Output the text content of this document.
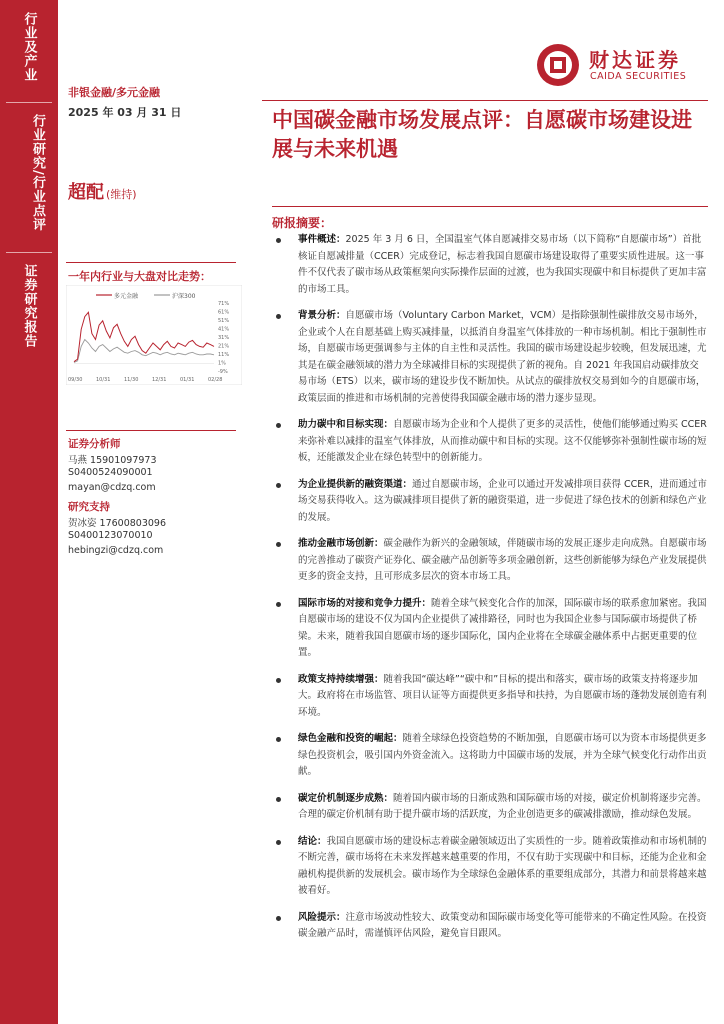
行业及产业
行业研究/行业点评
证券研究报告
财达证券
CAIDA SECURITIES
非银金融/多元金融
2025 年 03 月 31 日	中国碳金融市场发展点评：自愿碳市场建设进展与未来机遇
超配 (维持)
研报摘要：
一年内行业与大盘对比走势：
多元金融	沪深300
71%
61%
51%
41%
31%
21%
11%
1%
-9%
09/30	10/31	11/30	12/31	01/31	02/28
证券分析师
马燕 15901097973
S0400524090001
mayan@cdzq.com
研究支持
贺冰姿 17600803096
S0400123070010
hebingzi@cdzq.com
事件概述：2025 年 3 月 6 日，全国温室气体自愿减排交易市场（以下简称“自愿碳市场”）首批核证自愿减排量（CCER）完成登记，标志着我国自愿碳市场建设取得了重要实质性进展。这一事件不仅代表了碳市场从政策框架向实际操作层面的过渡，也为我国实现碳中和目标提供了更加丰富的市场工具。
背景分析：自愿碳市场（Voluntary Carbon Market，VCM）是指除强制性碳排放交易市场外，企业或个人在自愿基础上购买减排量，以抵消自身温室气体排放的一种市场机制。相比于强制性市场，自愿碳市场更强调参与主体的自主性和灵活性。我国的碳市场建设起步较晚，但发展迅速，尤其是在碳金融领域的潜力为全球减排目标的实现提供了新的视角。自 2021 年我国启动碳排放交易市场（ETS）以来，碳市场的建设步伐不断加快。从试点的碳排放权交易到如今的自愿碳市场，政策层面的推进和市场机制的完善使得我国碳金融市场的潜力逐步显现。
助力碳中和目标实现：自愿碳市场为企业和个人提供了更多的灵活性，使他们能够通过购买 CCER 来弥补难以减排的温室气体排放，从而推动碳中和目标的实现。这不仅能够弥补强制性碳市场的短板，还能激发企业在绿色转型中的创新能力。
为企业提供新的融资渠道：通过自愿碳市场，企业可以通过开发减排项目获得 CCER，进而通过市场交易获得收入。这为碳减排项目提供了新的融资渠道，进一步促进了绿色技术的创新和绿色产业的发展。
推动金融市场创新：碳金融作为新兴的金融领域，伴随碳市场的发展正逐步走向成熟。自愿碳市场的完善推动了碳资产证券化、碳金融产品创新等多项金融创新，这些创新能够为绿色产业发展提供更多的资金支持，且可形成多层次的资本市场工具。
国际市场的对接和竞争力提升：随着全球气候变化合作的加深，国际碳市场的联系愈加紧密。我国自愿碳市场的建设不仅为国内企业提供了减排路径，同时也为我国企业参与国际碳市场提供了桥梁。未来，随着我国自愿碳市场的逐步国际化，国内企业将在全球碳金融体系中占据更重要的位置。
政策支持持续增强：随着我国“碳达峰”“碳中和”目标的提出和落实，碳市场的政策支持将逐步加大。政府将在市场监管、项目认证等方面提供更多指导和扶持，为自愿碳市场的蓬勃发展创造有利环境。
绿色金融和投资的崛起：随着全球绿色投资趋势的不断加强，自愿碳市场可以为资本市场提供更多绿色投资机会，吸引国内外资金流入。这将助力中国碳市场的发展，并为全球气候变化行动作出贡献。
碳定价机制逐步成熟：随着国内碳市场的日渐成熟和国际碳市场的对接，碳定价机制将逐步完善。合理的碳定价机制有助于提升碳市场的活跃度，为企业创造更多的碳减排激励，推动绿色发展。
结论：我国自愿碳市场的建设标志着碳金融领域迈出了实质性的一步。随着政策推动和市场机制的不断完善，碳市场将在未来发挥越来越重要的作用，不仅有助于实现碳中和目标，还能为企业和金融机构提供新的发展机会。碳市场作为全球绿色金融体系的重要组成部分，其潜力和前景将越来越被看好。
风险提示：注意市场波动性较大、政策变动和国际碳市场变化等可能带来的不确定性风险。在投资碳金融产品时，需谨慎评估风险，避免盲目跟风。
